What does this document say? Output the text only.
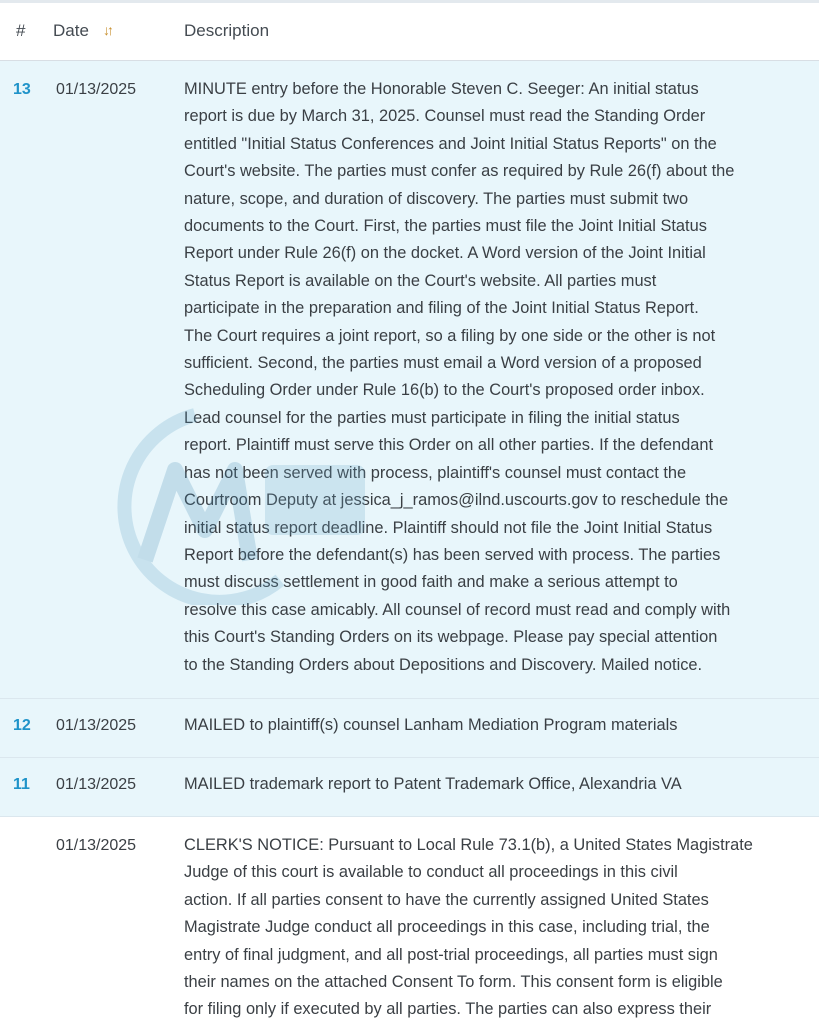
# Date ↓↑	Description
13 01/13/2025	MINUTE entry before the Honorable Steven C. Seeger: An initial status
report is due by March 31, 2025. Counsel must read the Standing Order
entitled "Initial Status Conferences and Joint Initial Status Reports" on the
Court's website. The parties must confer as required by Rule 26(f) about the
nature, scope, and duration of discovery. The parties must submit two
documents to the Court. First, the parties must file the Joint Initial Status
Report under Rule 26(f) on the docket. A Word version of the Joint Initial
Status Report is available on the Court's website. All parties must
participate in the preparation and filing of the Joint Initial Status Report.
The Court requires a joint report, so a filing by one side or the other is not
sufficient. Second, the parties must email a Word version of a proposed
Scheduling Order under Rule 16(b) to the Court's proposed order inbox.
Lead counsel for the parties must participate in filing the initial status
report. Plaintiff must serve this Order on all other parties. If the defendant
has not been served with process, plaintiff's counsel must contact the
Courtroom Deputy at jessica_j_ramos@ilnd.uscourts.gov to reschedule the
initial status report deadline. Plaintiff should not file the Joint Initial Status
Report before the defendant(s) has been served with process. The parties
must discuss settlement in good faith and make a serious attempt to
resolve this case amicably. All counsel of record must read and comply with
this Court's Standing Orders on its webpage. Please pay special attention
to the Standing Orders about Depositions and Discovery. Mailed notice.
12 01/13/2025	MAILED to plaintiff(s) counsel Lanham Mediation Program materials
11 01/13/2025	MAILED trademark report to Patent Trademark Office, Alexandria VA
01/13/2025	CLERK'S NOTICE: Pursuant to Local Rule 73.1(b), a United States Magistrate
Judge of this court is available to conduct all proceedings in this civil
action. If all parties consent to have the currently assigned United States
Magistrate Judge conduct all proceedings in this case, including trial, the
entry of final judgment, and all post-trial proceedings, all parties must sign
their names on the attached Consent To form. This consent form is eligible
for filing only if executed by all parties. The parties can also express their
